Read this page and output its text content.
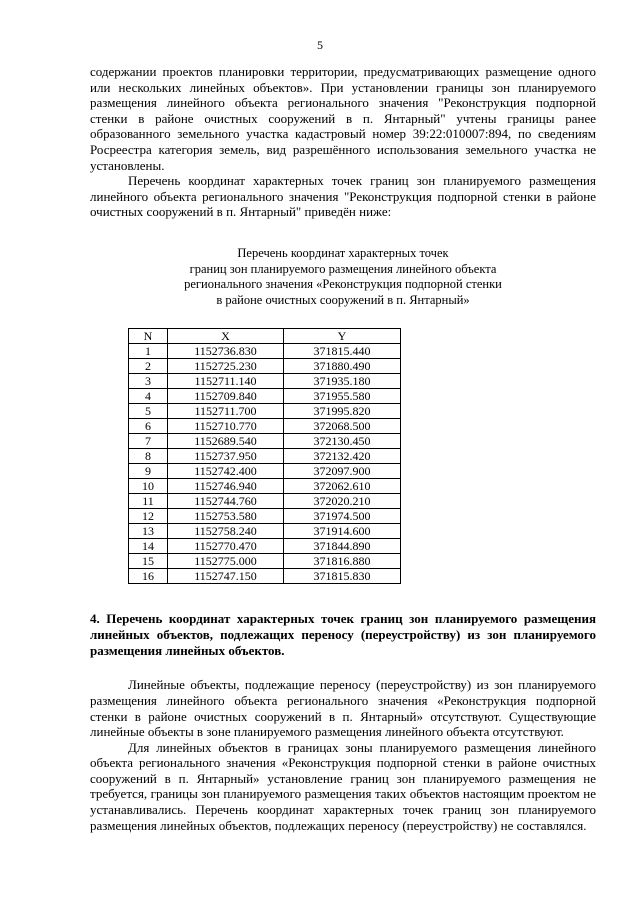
5

содержании проектов планировки территории, предусматривающих размещение одного или нескольких линейных объектов». При установлении границы зон планируемого размещения линейного объекта регионального значения "Реконструкция подпорной стенки в районе очистных сооружений в п. Янтарный" учтены границы ранее образованного земельного участка кадастровый номер 39:22:010007:894, по сведениям Росреестра категория земель, вид разрешённого использования земельного участка не установлены.

Перечень координат характерных точек границ зон планируемого размещения линейного объекта регионального значения "Реконструкция подпорной стенки в районе очистных сооружений в п. Янтарный" приведён ниже:

Перечень координат характерных точек
границ зон планируемого размещения линейного объекта
регионального значения «Реконструкция подпорной стенки
в районе очистных сооружений в п. Янтарный»
N	X	Y
1	1152736.830	371815.440
2	1152725.230	371880.490
3	1152711.140	371935.180
4	1152709.840	371955.580
5	1152711.700	371995.820
6	1152710.770	372068.500
7	1152689.540	372130.450
8	1152737.950	372132.420
9	1152742.400	372097.900
10	1152746.940	372062.610
11	1152744.760	372020.210
12	1152753.580	371974.500
13	1152758.240	371914.600
14	1152770.470	371844.890
15	1152775.000	371816.880
16	1152747.150	371815.830

4. Перечень координат характерных точек границ зон планируемого размещения линейных объектов, подлежащих переносу (переустройству) из зон планируемого размещения линейных объектов.

Линейные объекты, подлежащие переносу (переустройству) из зон планируемого размещения линейного объекта регионального значения «Реконструкция подпорной стенки в районе очистных сооружений в п. Янтарный» отсутствуют. Существующие линейные объекты в зоне планируемого размещения линейного объекта отсутствуют.

Для линейных объектов в границах зоны планируемого размещения линейного объекта регионального значения «Реконструкция подпорной стенки в районе очистных сооружений в п. Янтарный» установление границ зон планируемого размещения не требуется, границы зон планируемого размещения таких объектов настоящим проектом не устанавливались. Перечень координат характерных точек границ зон планируемого размещения линейных объектов, подлежащих переносу (переустройству) не составлялся.
